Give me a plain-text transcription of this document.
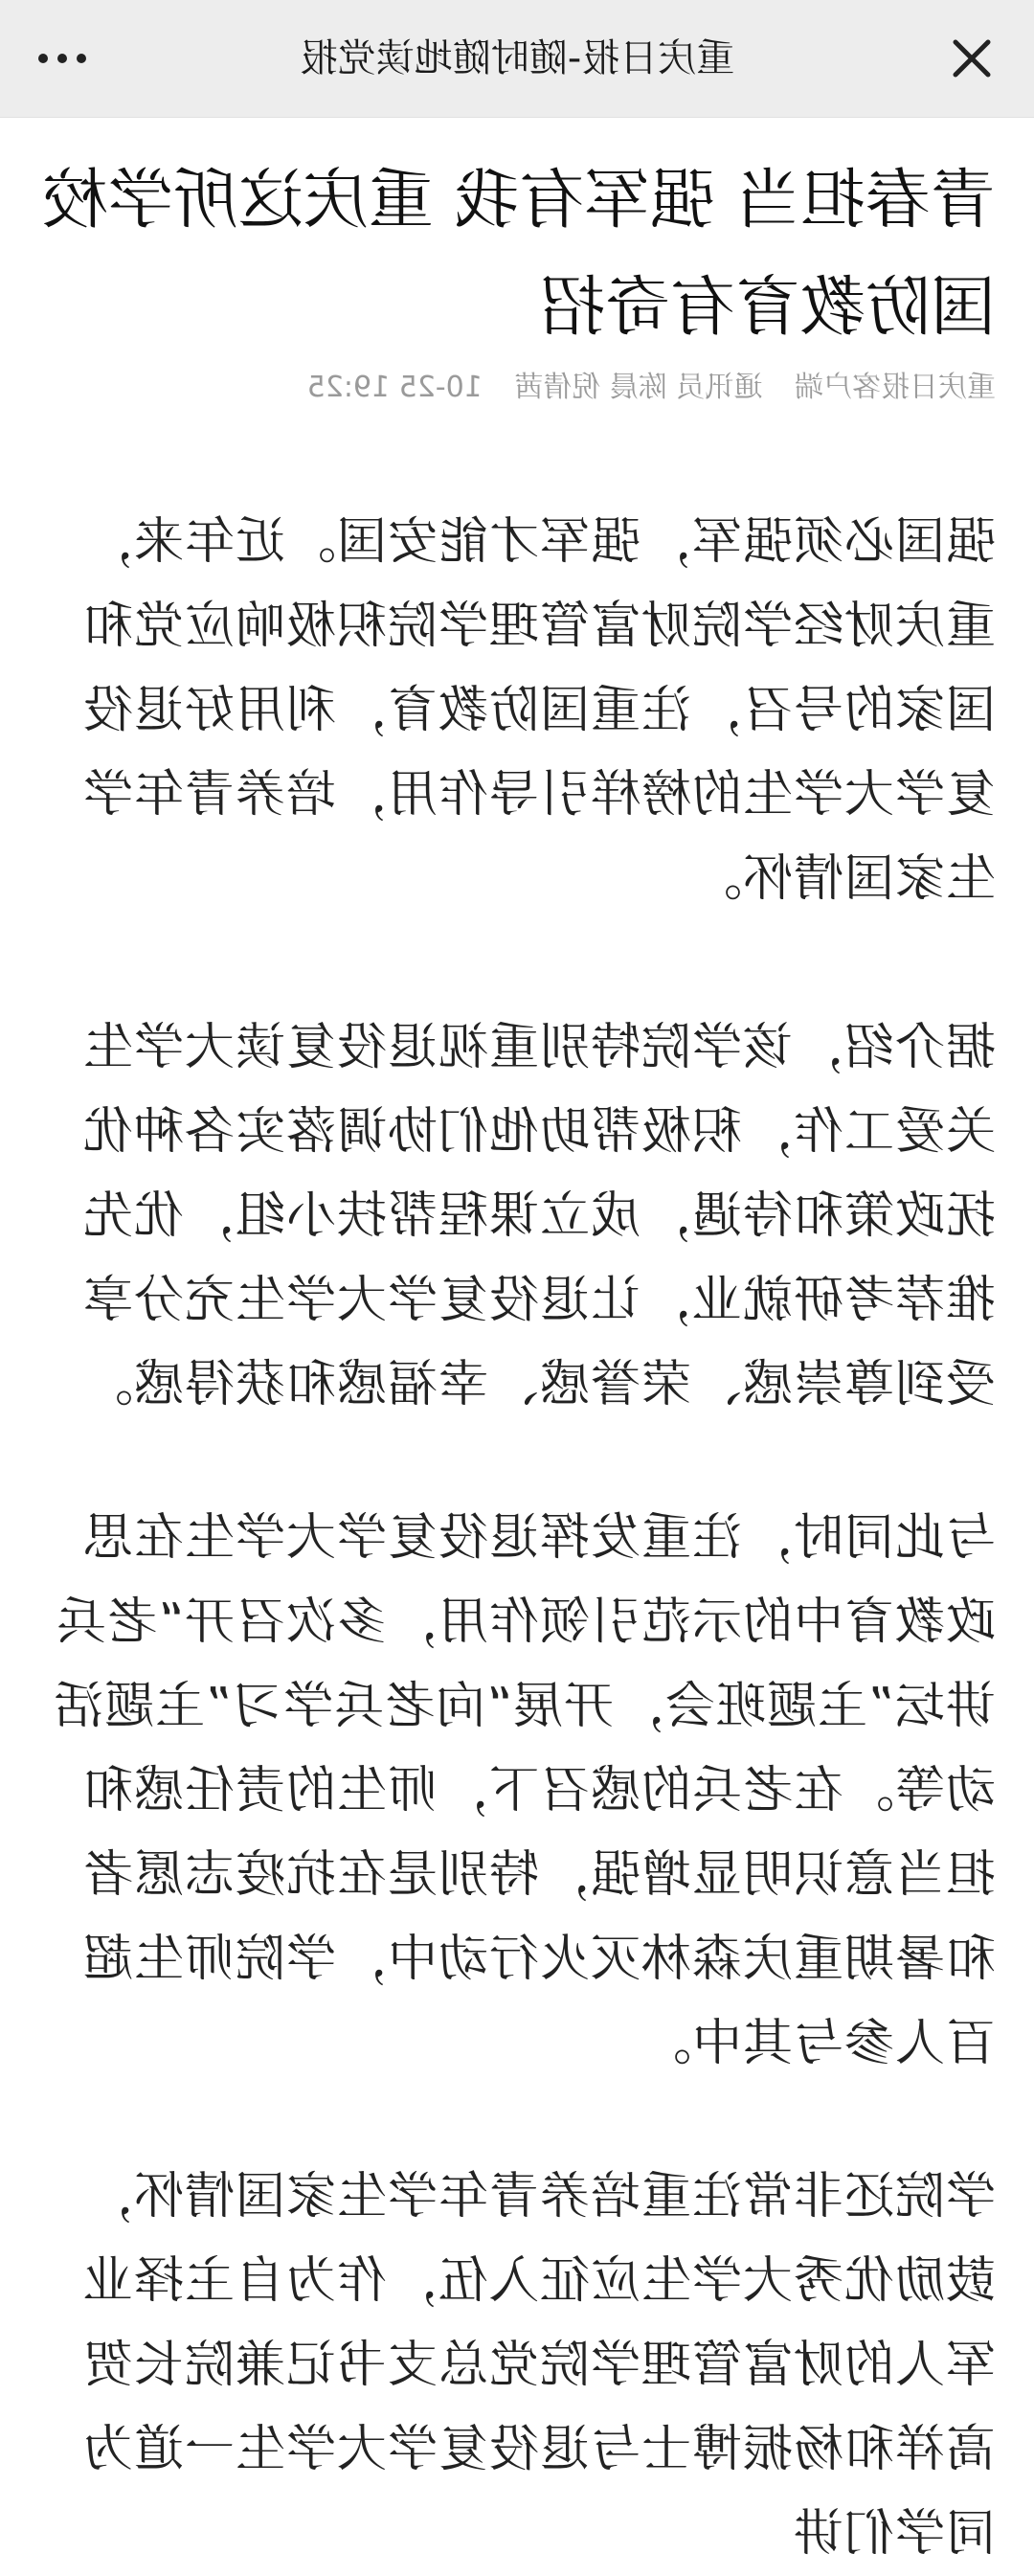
重庆日报-随时随地读党报
青春担当 强军有我 重庆这所学校国防教育有奇招
重庆日报客户端 通讯员 陈晨 倪倩茜 10-25 19:25

强国必须强军，强军才能安国。近年来，重庆财经学院财富管理学院积极响应党和国家的号召，注重国防教育，利用好退役复学大学生的榜样引导作用，培养青年学生家国情怀。

据介绍，该学院特别重视退役复读大学生关爱工作，积极帮助他们协调落实各种优抚政策和待遇，成立课程帮扶小组，优先推荐考研就业，让退役复学大学生充分享受到尊崇感、荣誉感、幸福感和获得感。

与此同时，注重发挥退役复学大学生在思政教育中的示范引领作用，多次召开“老兵讲坛”主题班会，开展“向老兵学习”主题活动等。在老兵的感召下，师生的责任感和担当意识明显增强，特别是在抗疫志愿者和暑期重庆森林灭火行动中，学院师生超百人参与其中。

学院还非常注重培养青年学生家国情怀，鼓励优秀大学生应征入伍，作为自主择业军人的财富管理学院党总支书记兼院长贺高祥和杨振博士与退役复学大学生一道为同学们讲
